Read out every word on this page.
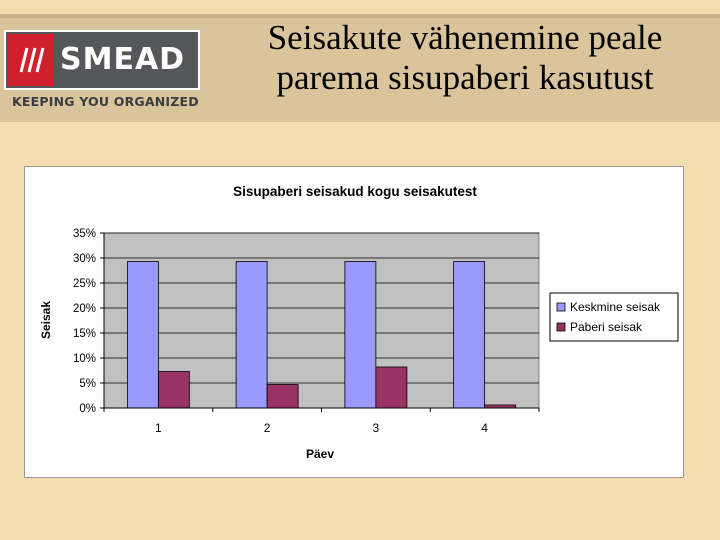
SMEAD
KEEPING YOU ORGANIZED
Seisakute vähenemine peale
parema sisupaberi kasutust
Sisupaberi seisakud kogu seisakutest
0%
5%
10%
15%
20%
25%
30%
35%
1	2	3	4
Seisak
Päev
Keskmine seisak
Paberi seisak
